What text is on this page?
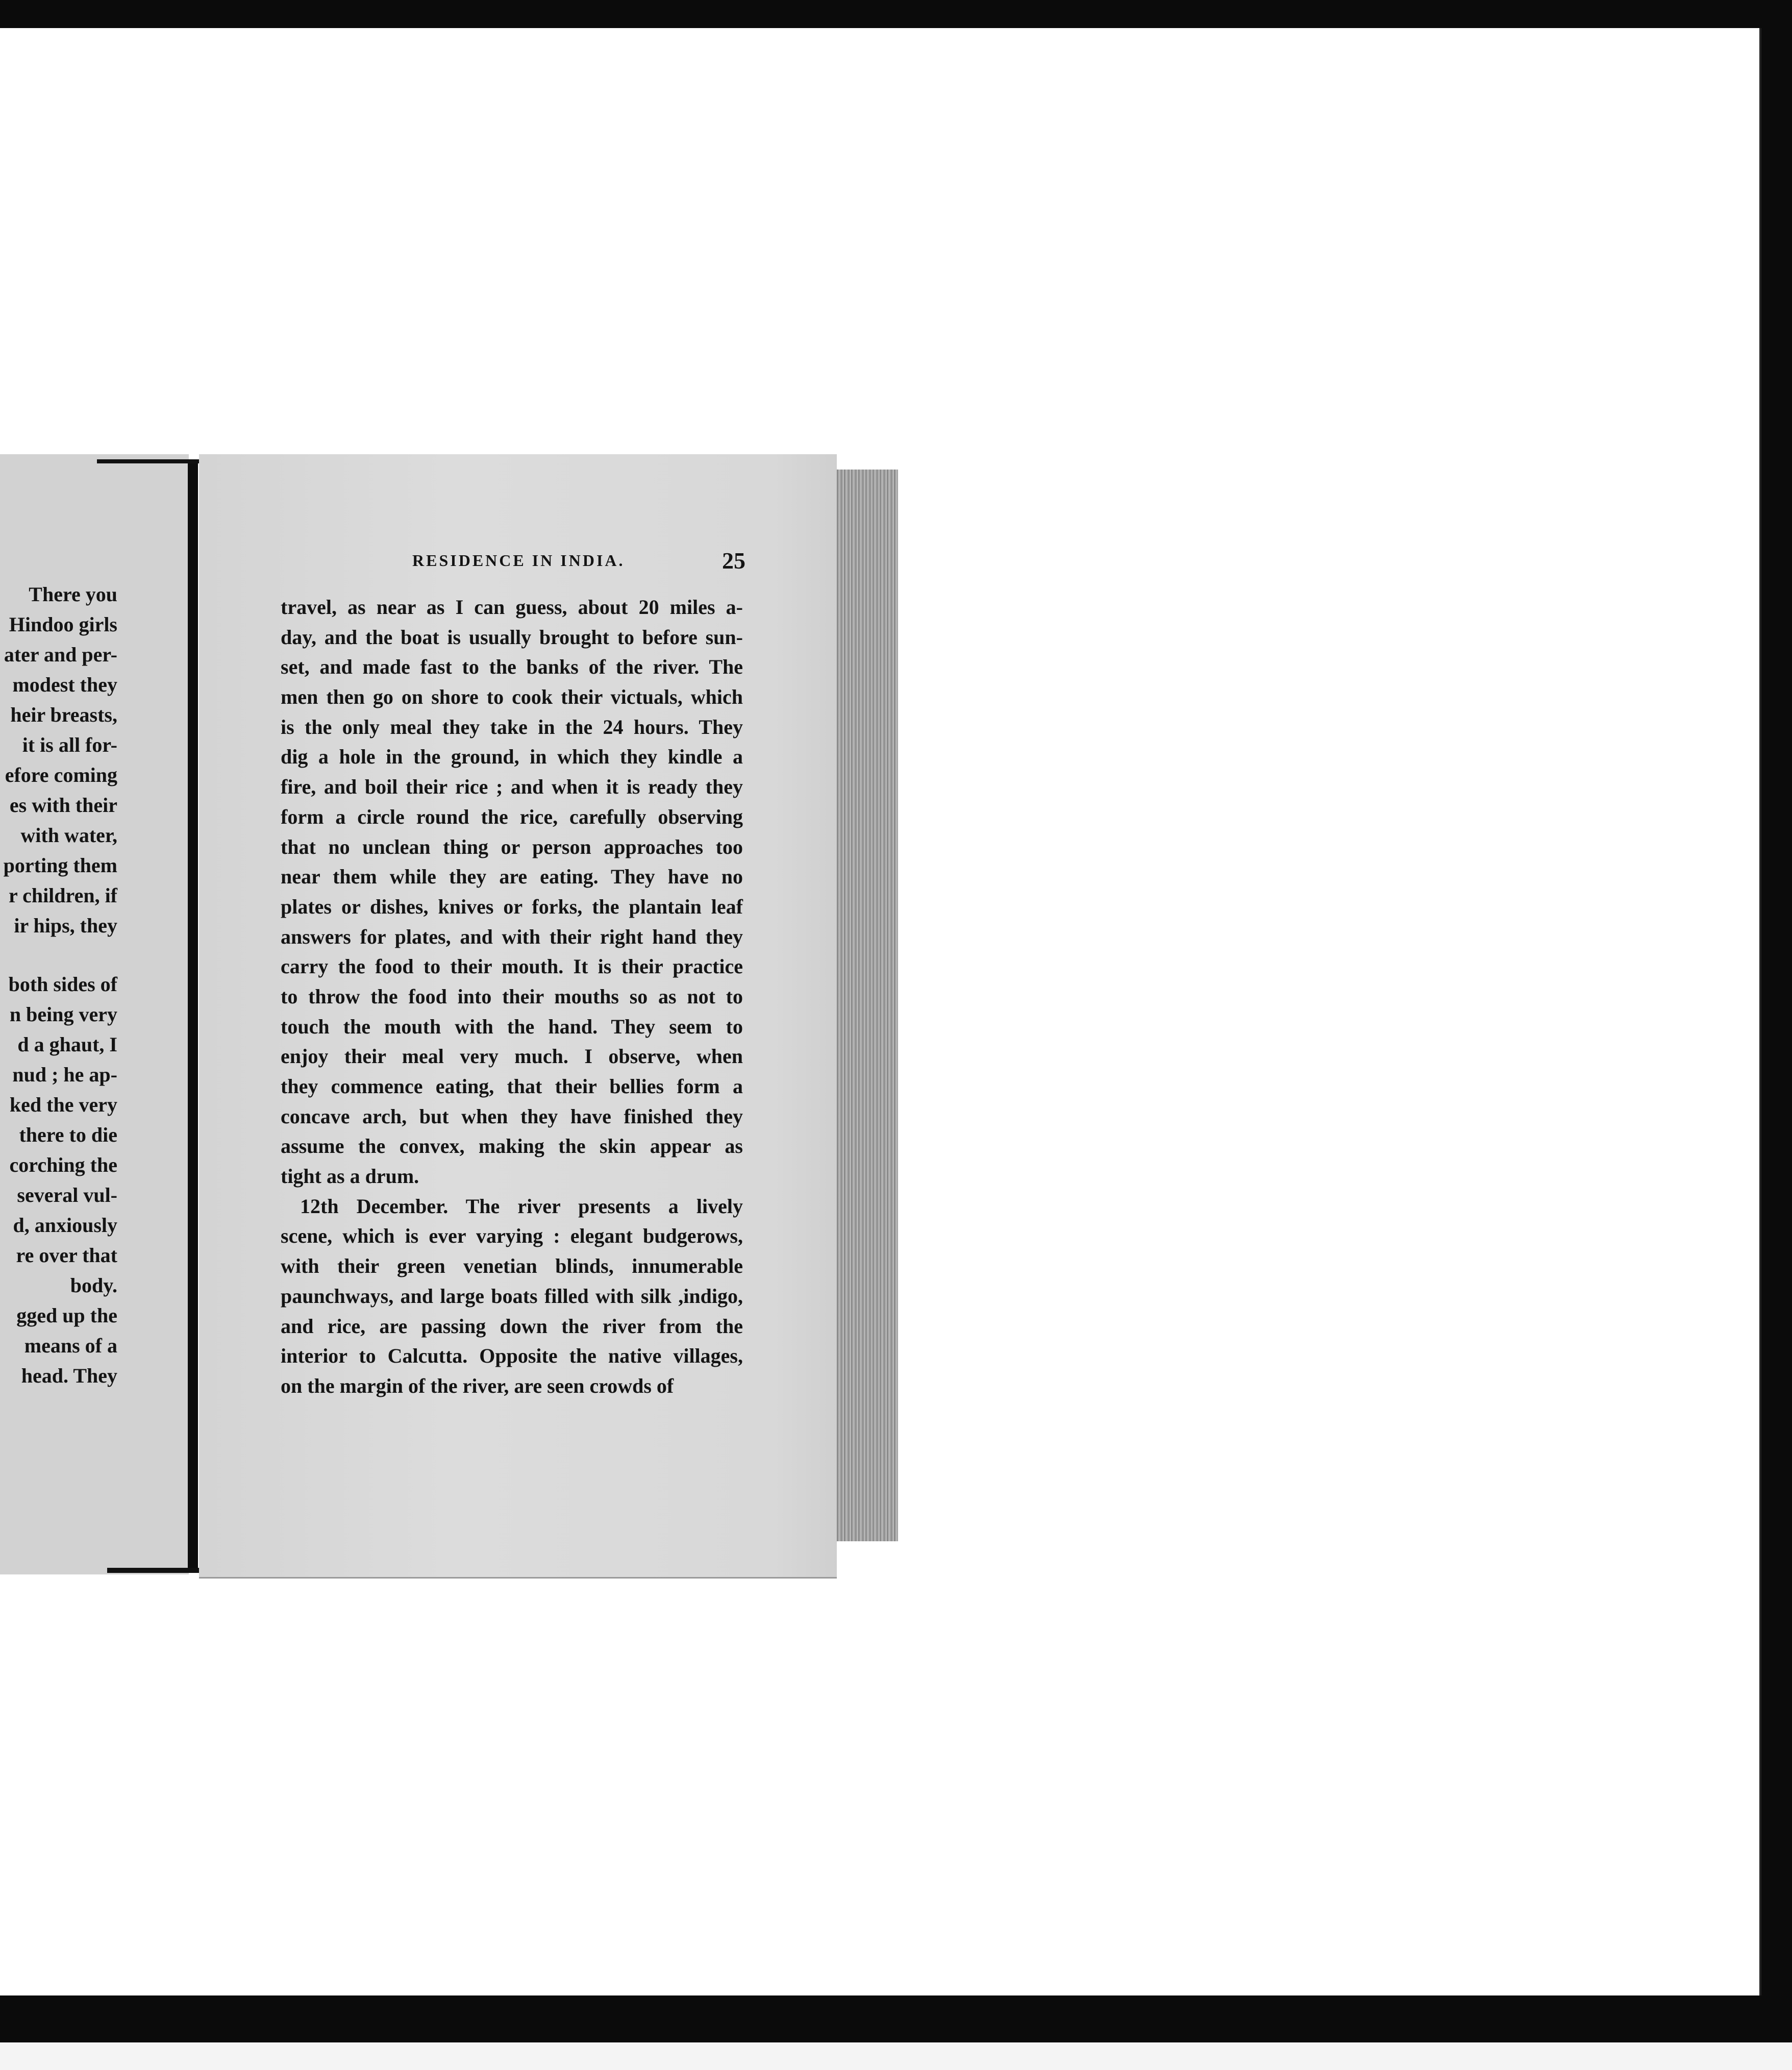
There you
Hindoo girls
ater and per-
modest they
heir breasts,
it is all for-
efore coming
es with their
with water,
porting them
r children, if
ir hips, they
both sides of
n being very
d a ghaut, I
nud ; he ap-
ked the very
there to die
corching the
several vul-
d, anxiously
re over that
body.
gged up the
means of a
head. They
RESIDENCE IN INDIA.	25
travel, as near as I can guess, about 20 miles a-
day, and the boat is usually brought to before sun-
set, and made fast to the banks of the river. The
men then go on shore to cook their victuals, which
is the only meal they take in the 24 hours. They
dig a hole in the ground, in which they kindle a
fire, and boil their rice ; and when it is ready they
form a circle round the rice, carefully observing
that no unclean thing or person approaches too
near them while they are eating. They have no
plates or dishes, knives or forks, the plantain leaf
answers for plates, and with their right hand they
carry the food to their mouth. It is their practice
to throw the food into their mouths so as not to
touch the mouth with the hand. They seem to
enjoy their meal very much. I observe, when
they commence eating, that their bellies form a
concave arch, but when they have finished they
assume the convex, making the skin appear as
tight as a drum.
12th December. The river presents a lively
scene, which is ever varying : elegant budgerows,
with their green venetian blinds, innumerable
paunchways, and large boats filled with silk ,indigo,
and rice, are passing down the river from the
interior to Calcutta. Opposite the native villages,
on the margin of the river, are seen crowds of
